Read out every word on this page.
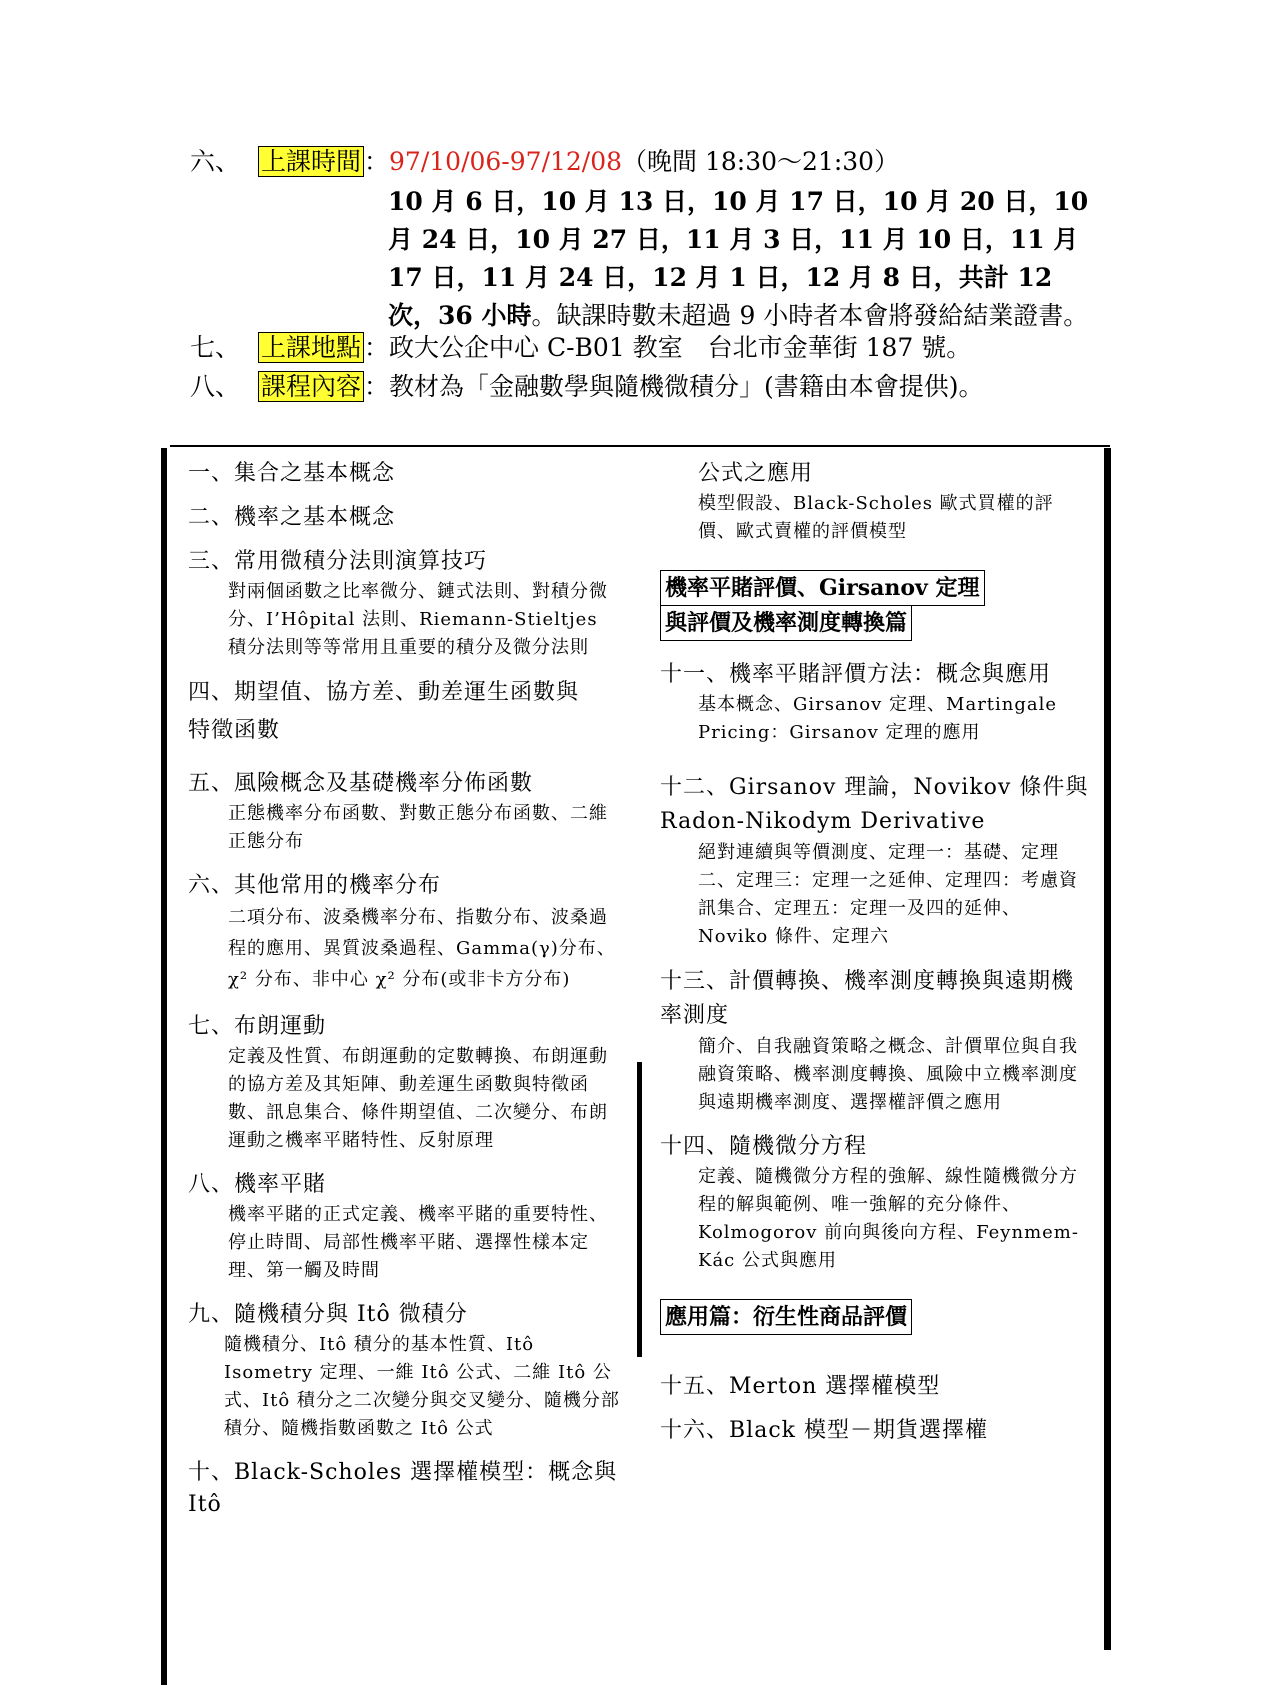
六、 上課時間 ：97/10/06-97/12/08（晚間 18:30～21:30）
10 月 6 日，10 月 13 日，10 月 17 日，10 月 20 日，10 月 24 日，10 月 27 日，11 月 3 日，11 月 10 日，11 月 17 日，11 月 24 日，12 月 1 日，12 月 8 日，共計 12 次，36 小時。缺課時數未超過 9 小時者本會將發給結業證書。
七、 上課地點 ：政大公企中心 C-B01 教室　台北市金華街 187 號。
八、 課程內容 ：教材為「金融數學與隨機微積分」(書籍由本會提供)。
一、集合之基本概念
二、機率之基本概念
三、常用微積分法則演算技巧
對兩個函數之比率微分、鏈式法則、對積分微分、I’Hôpital 法則、Riemann-Stieltjes 積分法則等等常用且重要的積分及微分法則
四、期望值、協方差、動差運生函數與特徵函數
五、風險概念及基礎機率分佈函數
正態機率分布函數、對數正態分布函數、二維正態分布
六、其他常用的機率分布
二項分布、波桑機率分布、指數分布、波桑過程的應用、異質波桑過程、Gamma(γ)分布、χ² 分布、非中心 χ² 分布(或非卡方分布)
七、布朗運動
定義及性質、布朗運動的定數轉換、布朗運動的協方差及其矩陣、動差運生函數與特徵函數、訊息集合、條件期望值、二次變分、布朗運動之機率平賭特性、反射原理
八、機率平賭
機率平賭的正式定義、機率平賭的重要特性、停止時間、局部性機率平賭、選擇性樣本定理、第一觸及時間
九、隨機積分與 Itô 微積分
隨機積分、Itô 積分的基本性質、Itô Isometry 定理、一維 Itô 公式、二維 Itô 公式、Itô 積分之二次變分與交叉變分、隨機分部積分、隨機指數函數之 Itô 公式
十、Black-Scholes 選擇權模型：概念與 Itô
公式之應用
模型假設、Black-Scholes 歐式買權的評價、歐式賣權的評價模型
機率平賭評價、Girsanov 定理
與評價及機率測度轉換篇
十一、機率平賭評價方法：概念與應用
基本概念、Girsanov 定理、Martingale Pricing：Girsanov 定理的應用
十二、Girsanov 理論，Novikov 條件與 Radon-Nikodym Derivative
絕對連續與等價測度、定理一：基礎、定理二、定理三：定理一之延伸、定理四：考慮資訊集合、定理五：定理一及四的延伸、Noviko 條件、定理六
十三、計價轉換、機率測度轉換與遠期機率測度
簡介、自我融資策略之概念、計價單位與自我融資策略、機率測度轉換、風險中立機率測度與遠期機率測度、選擇權評價之應用
十四、隨機微分方程
定義、隨機微分方程的強解、線性隨機微分方程的解與範例、唯一強解的充分條件、Kolmogorov 前向與後向方程、Feynmem-Kác 公式與應用
應用篇：衍生性商品評價
十五、Merton 選擇權模型
十六、Black 模型－期貨選擇權
